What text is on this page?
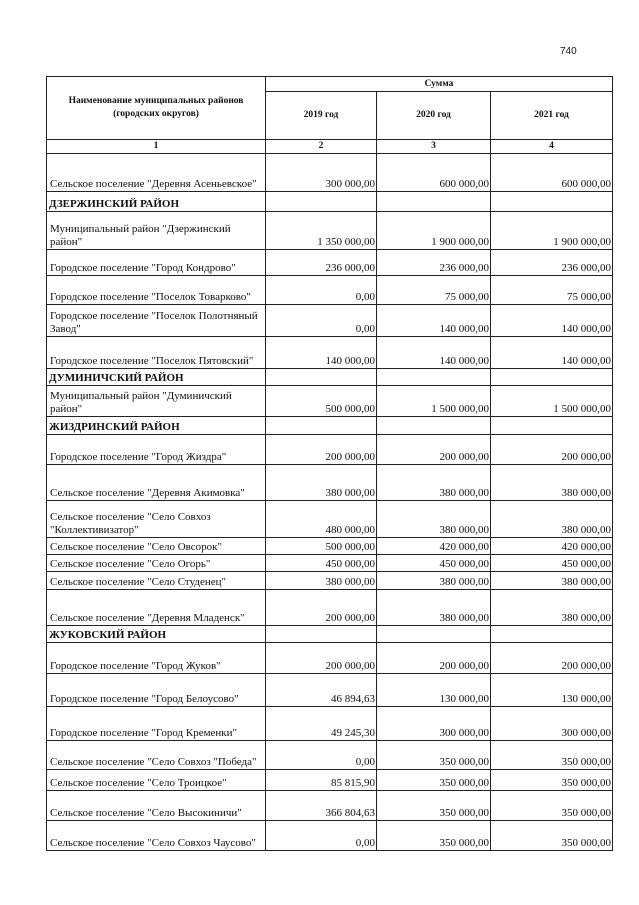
740
Наименование муниципальных районов (городских округов)	Сумма		
	2019 год	2020 год	2021 год
1	2	3	4
Сельское поселение "Деревня Асеньевское"	300 000,00	600 000,00	600 000,00
ДЗЕРЖИНСКИЙ РАЙОН			
Муниципальный район "Дзержинский район"	1 350 000,00	1 900 000,00	1 900 000,00
Городское поселение "Город Кондрово"	236 000,00	236 000,00	236 000,00
Городское поселение "Поселок Товарково"	0,00	75 000,00	75 000,00
Городское поселение "Поселок Полотняный Завод"	0,00	140 000,00	140 000,00
Городское поселение "Поселок Пятовский"	140 000,00	140 000,00	140 000,00
ДУМИНИЧСКИЙ РАЙОН			
Муниципальный район "Думиничский район"	500 000,00	1 500 000,00	1 500 000,00
ЖИЗДРИНСКИЙ РАЙОН			
Городское поселение "Город Жиздра"	200 000,00	200 000,00	200 000,00
Сельское поселение "Деревня Акимовка"	380 000,00	380 000,00	380 000,00
Сельское поселение "Село Совхоз "Коллективизатор"	480 000,00	380 000,00	380 000,00
Сельское поселение "Село Овсорок"	500 000,00	420 000,00	420 000,00
Сельское поселение "Село Огорь"	450 000,00	450 000,00	450 000,00
Сельское поселение "Село Студенец"	380 000,00	380 000,00	380 000,00
Сельское поселение "Деревня Младенск"	200 000,00	380 000,00	380 000,00
ЖУКОВСКИЙ РАЙОН			
Городское поселение "Город Жуков"	200 000,00	200 000,00	200 000,00
Городское поселение "Город Белоусово"	46 894,63	130 000,00	130 000,00
Городское поселение "Город Кременки"	49 245,30	300 000,00	300 000,00
Сельское поселение "Село Совхоз "Победа"	0,00	350 000,00	350 000,00
Сельское поселение "Село Троицкое"	85 815,90	350 000,00	350 000,00
Сельское поселение "Село Высокиничи"	366 804,63	350 000,00	350 000,00
Сельское поселение "Село Совхоз Чаусово"	0,00	350 000,00	350 000,00
